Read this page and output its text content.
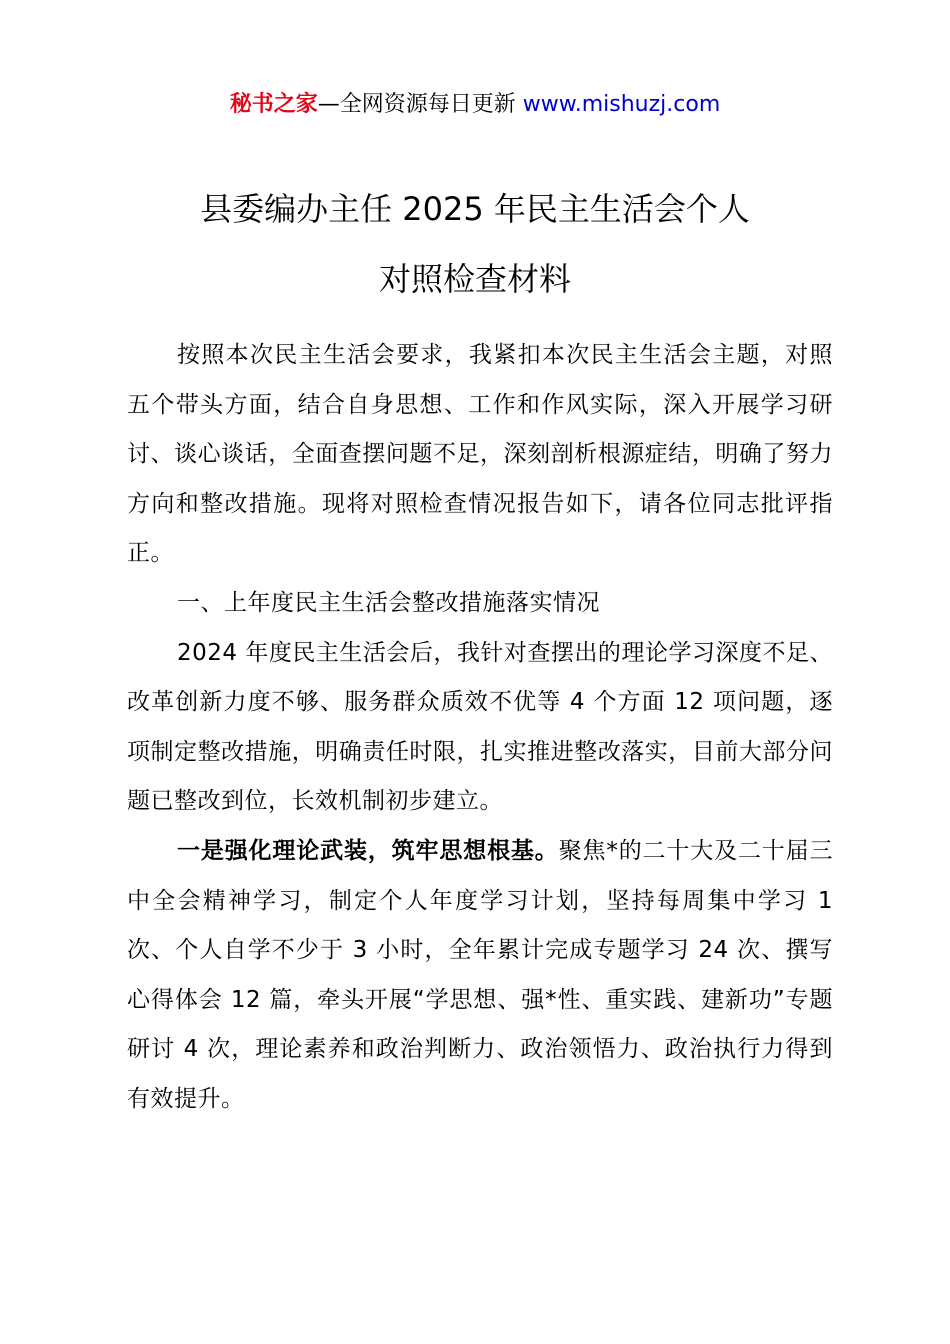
秘书之家—全网资源每日更新 www.mishuzj.com
县委编办主任 2025 年民主生活会个人
对照检查材料

按照本次民主生活会要求，我紧扣本次民主生活会主题，对照五个带头方面，结合自身思想、工作和作风实际，深入开展学习研讨、谈心谈话，全面查摆问题不足，深刻剖析根源症结，明确了努力方向和整改措施。现将对照检查情况报告如下，请各位同志批评指正。

一、上年度民主生活会整改措施落实情况

2024 年度民主生活会后，我针对查摆出的理论学习深度不足、改革创新力度不够、服务群众质效不优等 4 个方面 12 项问题，逐项制定整改措施，明确责任时限，扎实推进整改落实，目前大部分问题已整改到位，长效机制初步建立。

一是强化理论武装，筑牢思想根基。聚焦*的二十大及二十届三中全会精神学习，制定个人年度学习计划，坚持每周集中学习 1 次、个人自学不少于 3 小时，全年累计完成专题学习 24 次、撰写心得体会 12 篇，牵头开展“学思想、强*性、重实践、建新功”专题研讨 4 次，理论素养和政治判断力、政治领悟力、政治执行力得到有效提升。
